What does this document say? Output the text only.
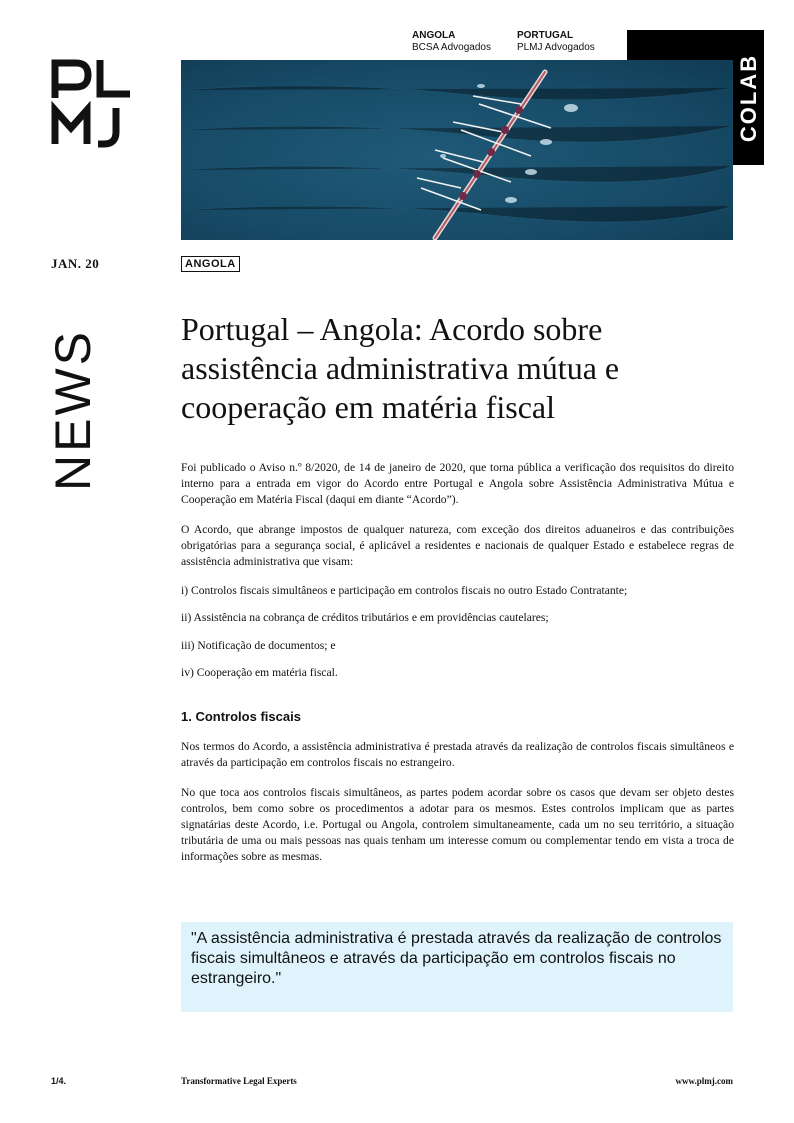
ANGOLA
BCSA Advogados
PORTUGAL
PLMJ Advogados
COLAB
JAN. 20	ANGOLA
NEWS	Portugal – Angola: Acordo sobre assistência administrativa mútua e cooperação em matéria fiscal

Foi publicado o Aviso n.º 8/2020, de 14 de janeiro de 2020, que torna pública a verificação dos requisitos do direito interno para a entrada em vigor do Acordo entre Portugal e Angola sobre Assistência Administrativa Mútua e Cooperação em Matéria Fiscal (daqui em diante “Acordo”).

O Acordo, que abrange impostos de qualquer natureza, com exceção dos direitos aduaneiros e das contribuições obrigatórias para a segurança social, é aplicável a residentes e nacionais de qualquer Estado e estabelece regras de assistência administrativa que visam:

i) Controlos fiscais simultâneos e participação em controlos fiscais no outro Estado Contratante;

ii) Assistência na cobrança de créditos tributários e em providências cautelares;

iii) Notificação de documentos; e

iv) Cooperação em matéria fiscal.

1. Controlos fiscais

Nos termos do Acordo, a assistência administrativa é prestada através da realização de controlos fiscais simultâneos e através da participação em controlos fiscais no estrangeiro.

No que toca aos controlos fiscais simultâneos, as partes podem acordar sobre os casos que devam ser objeto destes controlos, bem como sobre os procedimentos a adotar para os mesmos. Estes controlos implicam que as partes signatárias deste Acordo, i.e. Portugal ou Angola, controlem simultaneamente, cada um no seu território, a situação tributária de uma ou mais pessoas nas quais tenham um interesse comum ou complementar tendo em vista a troca de informações sobre as mesmas.

"A assistência administrativa é prestada através da realização de controlos fiscais simultâneos e através da participação em controlos fiscais no estrangeiro."
1/4.	Transformative Legal Experts	www.plmj.com
